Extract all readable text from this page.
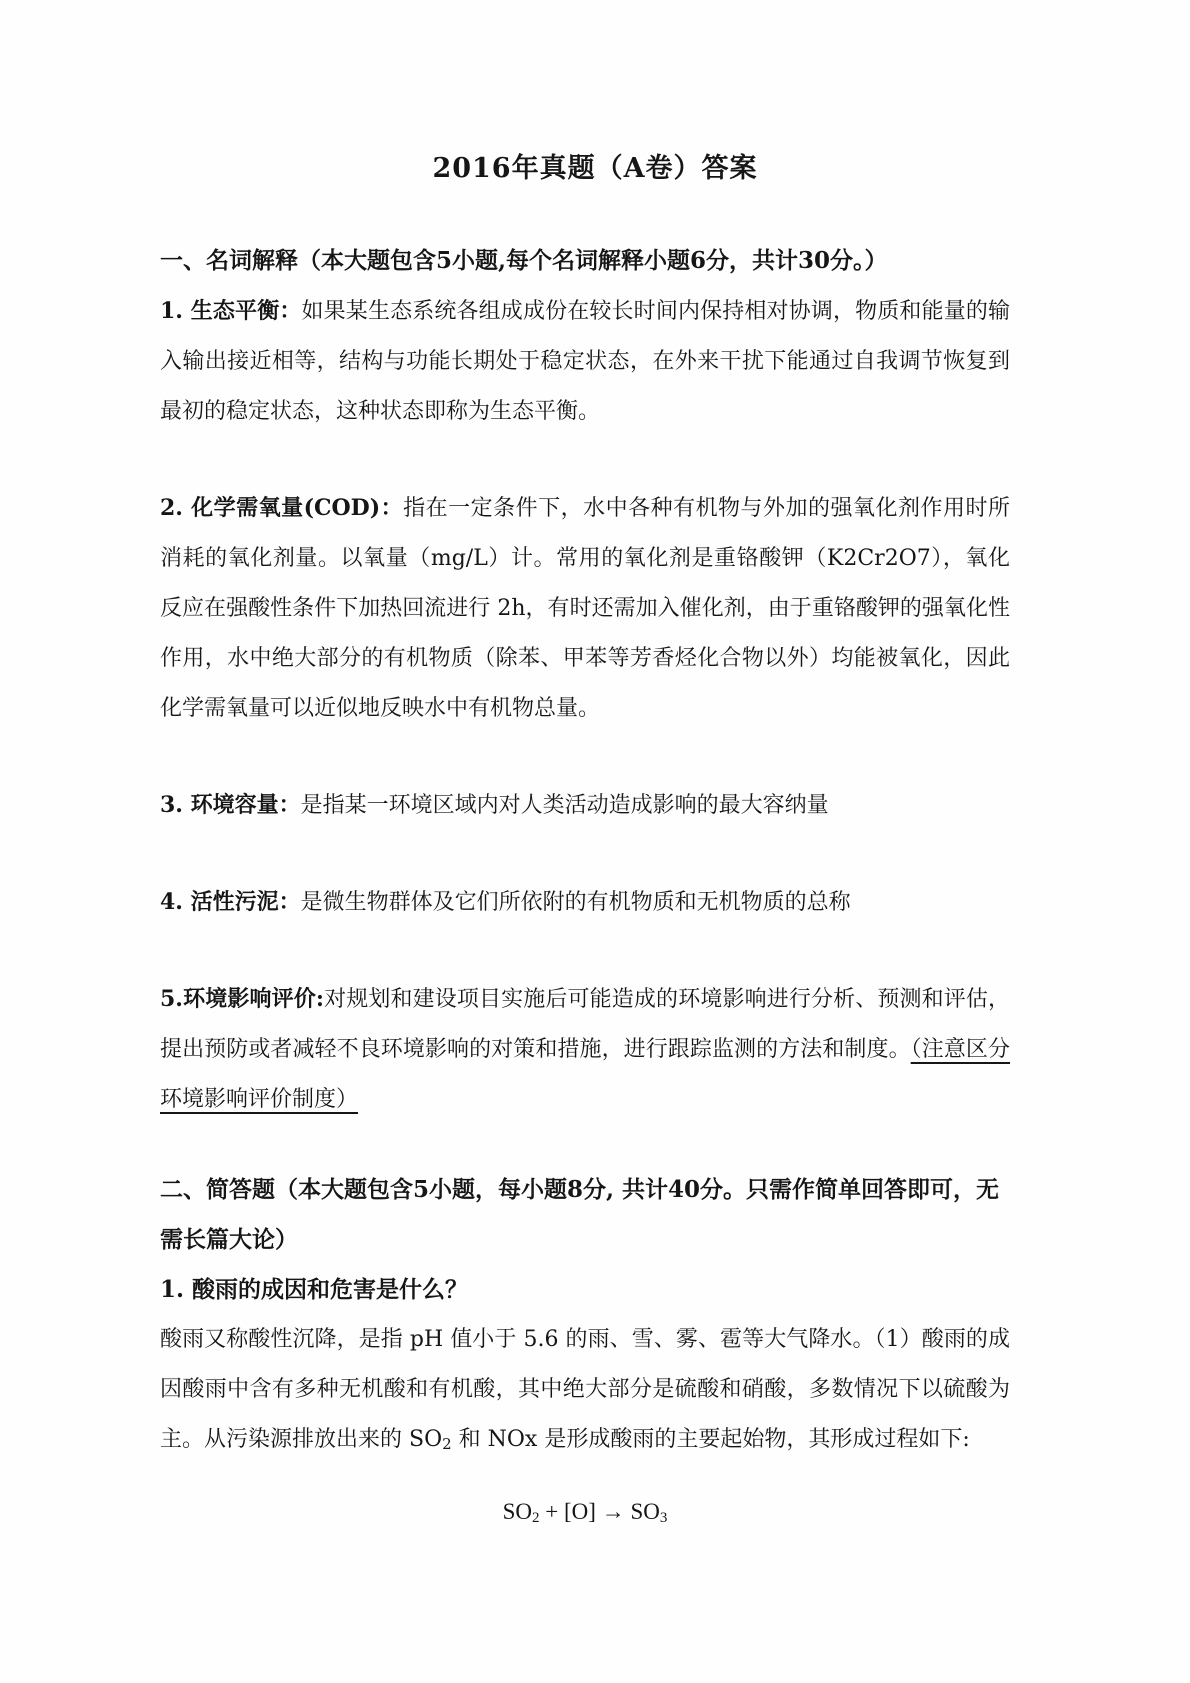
2016年真题（A卷）答案

一、名词解释（本大题包含5小题,每个名词解释小题6分，共计30分。）

1. 生态平衡：如果某生态系统各组成成份在较长时间内保持相对协调，物质和能量的输入输出接近相等，结构与功能长期处于稳定状态，在外来干扰下能通过自我调节恢复到最初的稳定状态，这种状态即称为生态平衡。

2. 化学需氧量(COD)：指在一定条件下，水中各种有机物与外加的强氧化剂作用时所消耗的氧化剂量。以氧量（mg/L）计。常用的氧化剂是重铬酸钾（K2Cr2O7），氧化反应在强酸性条件下加热回流进行 2h，有时还需加入催化剂，由于重铬酸钾的强氧化性作用，水中绝大部分的有机物质（除苯、甲苯等芳香烃化合物以外）均能被氧化，因此化学需氧量可以近似地反映水中有机物总量。

3. 环境容量：是指某一环境区域内对人类活动造成影响的最大容纳量

4. 活性污泥：是微生物群体及它们所依附的有机物质和无机物质的总称

5.环境影响评价:对规划和建设项目实施后可能造成的环境影响进行分析、预测和评估，提出预防或者减轻不良环境影响的对策和措施，进行跟踪监测的方法和制度。（注意区分环境影响评价制度）

二、简答题（本大题包含5小题，每小题8分, 共计40分。只需作简单回答即可，无需长篇大论）

1. 酸雨的成因和危害是什么？

酸雨又称酸性沉降，是指 pH 值小于 5.6 的雨、雪、雾、雹等大气降水。（1）酸雨的成因酸雨中含有多种无机酸和有机酸，其中绝大部分是硫酸和硝酸，多数情况下以硫酸为主。从污染源排放出来的 $SO_2$ 和 NOx 是形成酸雨的主要起始物，其形成过程如下:

$SO_2 + [O] \to SO_3$
